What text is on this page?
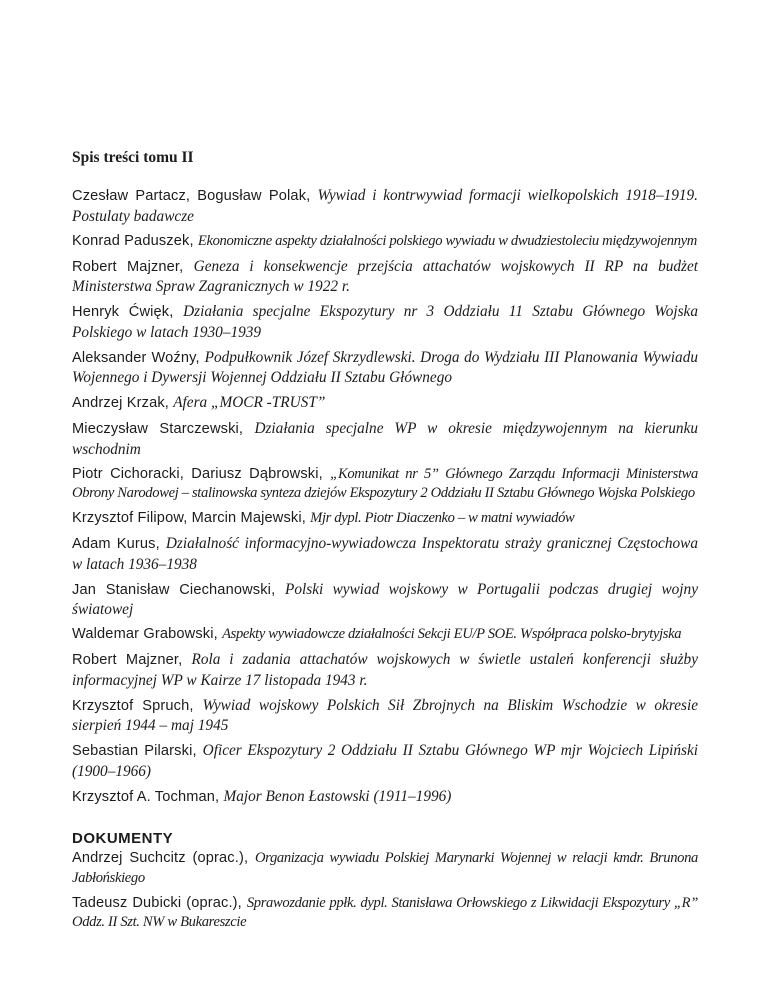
Spis treści tomu II
Czesław Partacz, Bogusław Polak, Wywiad i kontrwywiad formacji wielkopolskich 1918–1919. Postulaty badawcze
Konrad Paduszek, Ekonomiczne aspekty działalności polskiego wywiadu w dwudziestoleciu międzywojennym
Robert Majzner, Geneza i konsekwencje przejścia attachatów wojskowych II RP na budżet Ministerstwa Spraw Zagranicznych w 1922 r.
Henryk Ćwięk, Działania specjalne Ekspozytury nr 3 Oddziału 11 Sztabu Głównego Wojska Polskiego w latach 1930–1939
Aleksander Woźny, Podpułkownik Józef Skrzydlewski. Droga do Wydziału III Planowania Wywiadu Wojennego i Dywersji Wojennej Oddziału II Sztabu Głównego
Andrzej Krzak, Afera „MOCR -TRUST”
Mieczysław Starczewski, Działania specjalne WP w okresie międzywojennym na kierunku wschodnim
Piotr Cichoracki, Dariusz Dąbrowski, „Komunikat nr 5” Głównego Zarządu Informacji Ministerstwa Obrony Narodowej – stalinowska synteza dziejów Ekspozytury 2 Oddziału II Sztabu Głównego Wojska Polskiego
Krzysztof Filipow, Marcin Majewski, Mjr dypl. Piotr Diaczenko – w matni wywiadów
Adam Kurus, Działalność informacyjno-wywiadowcza Inspektoratu straży granicznej Częstochowa w latach 1936–1938
Jan Stanisław Ciechanowski, Polski wywiad wojskowy w Portugalii podczas drugiej wojny światowej
Waldemar Grabowski, Aspekty wywiadowcze działalności Sekcji EU/P SOE. Współpraca polsko-brytyjska
Robert Majzner, Rola i zadania attachatów wojskowych w świetle ustaleń konferencji służby informacyjnej WP w Kairze 17 listopada 1943 r.
Krzysztof Spruch, Wywiad wojskowy Polskich Sił Zbrojnych na Bliskim Wschodzie w okresie sierpień 1944 – maj 1945
Sebastian Pilarski, Oficer Ekspozytury 2 Oddziału II Sztabu Głównego WP mjr Wojciech Lipiński (1900–1966)
Krzysztof A. Tochman, Major Benon Łastowski (1911–1996)
DOKUMENTY
Andrzej Suchcitz (oprac.), Organizacja wywiadu Polskiej Marynarki Wojennej w relacji kmdr. Brunona Jabłońskiego
Tadeusz Dubicki (oprac.), Sprawozdanie ppłk. dypl. Stanisława Orłowskiego z Likwidacji Ekspozytury „R” Oddz. II Szt. NW w Bukareszcie
